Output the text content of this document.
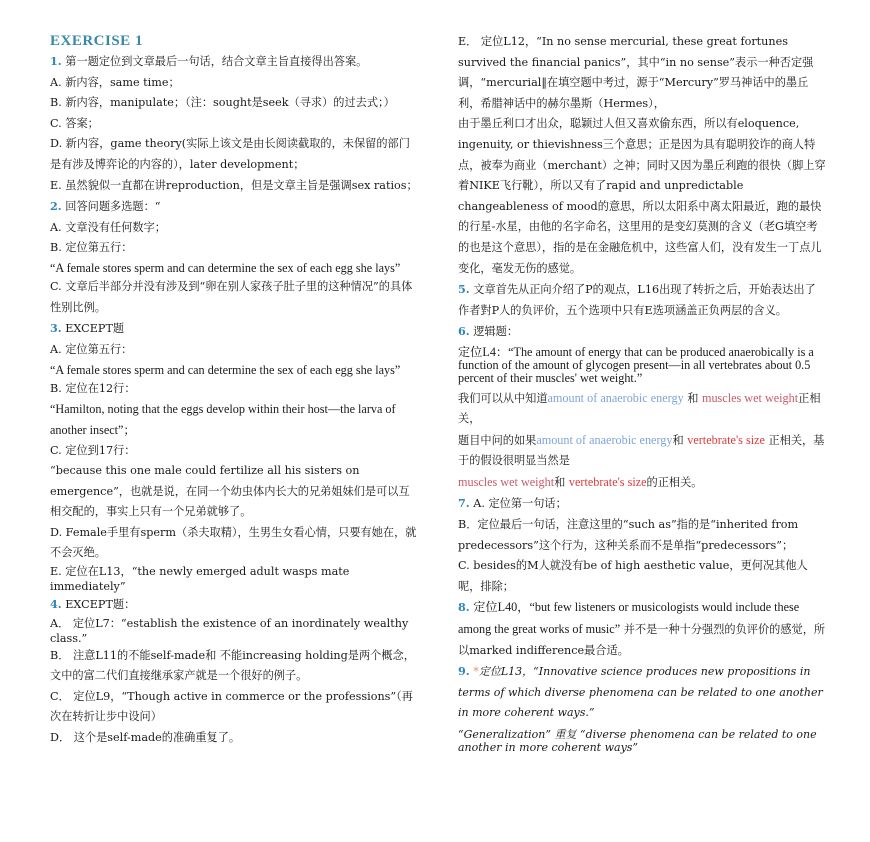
EXERCISE 1
1. 第一题定位到文章最后一句话，结合文章主旨直接得出答案。
A. 新内容，same time；
B. 新内容，manipulate；（注：sought是seek（寻求）的过去式；）
C. 答案；
D. 新内容，game theory(实际上该文是由长阅读截取的，未保留的部门是有涉及博弈论的内容的），later development；
E. 虽然貌似一直都在讲reproduction，但是文章主旨是强调sex ratios；
2. 回答问题多选题：“
A. 文章没有任何数字；
B. 定位第五行：
“A female stores sperm and can determine the sex of each egg she lays”
C. 文章后半部分并没有涉及到“卵在别人家孩子肚子里的这种情况”的具体性别比例。
3. EXCEPT题
A. 定位第五行：
“A female stores sperm and can determine the sex of each egg she lays”
B. 定位在12行：
“Hamilton, noting that the eggs develop within their host—the larva of another insect”；
C. 定位到17行：
“because this one male could fertilize all his sisters on emergence”，也就是说，在同一个幼虫体内长大的兄弟姐妹们是可以互相交配的，事实上只有一个兄弟就够了。
D. Female手里有sperm（杀夫取精），生男生女看心情，只要有她在，就不会灭绝。
E. 定位在L13，“the newly emerged adult wasps mate immediately”
4. EXCEPT题：
A． 定位L7：“establish the existence of an inordinately wealthy class.”
B． 注意L11的不能self-made和 不能increasing holding是两个概念，文中的富二代们直接继承家产就是一个很好的例子。
C． 定位L9，“Though active in commerce or the professions”（再次在转折让步中设问）
D． 这个是self-made的准确重复了。
E． 定位L12，“In no sense mercurial, these great fortunes survived the financial panics”，其中“in no sense”表示一种否定强调，“mercurial‖在填空题中考过，源于“Mercury”罗马神话中的墨丘利，希腊神话中的赫尔墨斯（Hermes），
由于墨丘利口才出众，聪颖过人但又喜欢偷东西，所以有eloquence, ingenuity, or thievishness三个意思；正是因为具有聪明狡诈的商人特点，被奉为商业（merchant）之神；同时又因为墨丘利跑的很快（脚上穿着NIKE飞行靴），所以又有了rapid and unpredictable changeableness of mood的意思，所以太阳系中离太阳最近，跑的最快的行星-水星，由他的名字命名，这里用的是变幻莫测的含义（老G填空考的也是这个意思），指的是在金融危机中，这些富人们，没有发生一丁点儿变化，毫发无伤的感觉。
5. 文章首先从正向介绍了P的观点，L16出现了转折之后，开始表达出了作者對P人的负评价，五个选项中只有E选项涵盖正负两层的含义。
6. 逻辑题：
定位L4：“The amount of energy that can be produced anaerobically is a function of the amount of glycogen present—in all vertebrates about 0.5 percent of their muscles' wet weight.”
我们可以从中知道amount of anaerobic energy 和 muscles wet weight正相关，
题目中问的如果amount of anaerobic energy和 vertebrate's size 正相关，基于的假设很明显当然是
muscles wet weight和 vertebrate's size的正相关。
7. A. 定位第一句话；
B．定位最后一句话，注意这里的“such as”指的是“inherited from predecessors”这个行为，这种关系而不是单指“predecessors”；
C. besides的M人就没有be of high aesthetic value，更何况其他人呢，排除；
8. 定位L40，“but few listeners or musicologists would include these among the great works of music” 并不是一种十分强烈的负评价的感觉，所以marked indifference最合适。
9. *定位L13，“Innovative science produces new propositions in terms of which diverse phenomena can be related to one another in more coherent ways.”
“Generalization” 重复 “diverse phenomena can be related to one another in more coherent ways”
